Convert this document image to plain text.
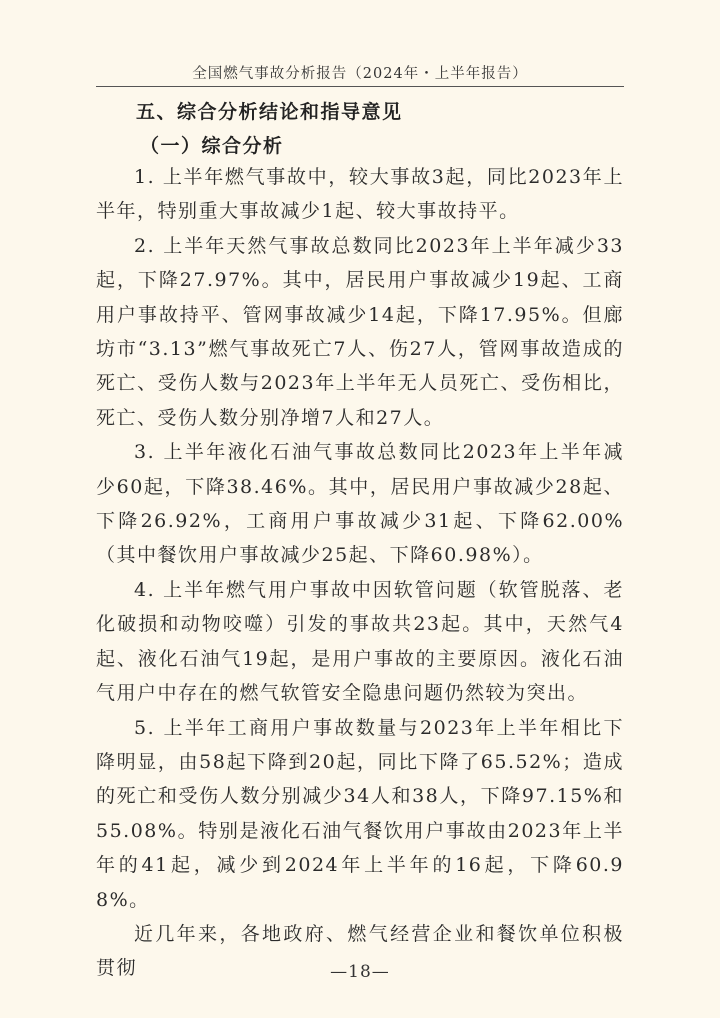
全国燃气事故分析报告（2024年・上半年报告）
五、综合分析结论和指导意见
（一）综合分析

1. 上半年燃气事故中，较大事故3起，同比2023年上半年，特别重大事故减少1起、较大事故持平。

2. 上半年天然气事故总数同比2023年上半年减少33起，下降27.97%。其中，居民用户事故减少19起、工商用户事故持平、管网事故减少14起，下降17.95%。但廊坊市“3.13”燃气事故死亡7人、伤27人，管网事故造成的死亡、受伤人数与2023年上半年无人员死亡、受伤相比，死亡、受伤人数分别净增7人和27人。

3. 上半年液化石油气事故总数同比2023年上半年减少60起，下降38.46%。其中，居民用户事故减少28起、下降26.92%，工商用户事故减少31起、下降62.00%（其中餐饮用户事故减少25起、下降60.98%）。

4. 上半年燃气用户事故中因软管问题（软管脱落、老化破损和动物咬噬）引发的事故共23起。其中，天然气4起、液化石油气19起，是用户事故的主要原因。液化石油气用户中存在的燃气软管安全隐患问题仍然较为突出。

5. 上半年工商用户事故数量与2023年上半年相比下降明显，由58起下降到20起，同比下降了65.52%；造成的死亡和受伤人数分别减少34人和38人，下降97.15%和55.08%。特别是液化石油气餐饮用户事故由2023年上半年的41起，减少到2024年上半年的16起，下降60.98%。

近几年来，各地政府、燃气经营企业和餐饮单位积极贯彻	—18—
